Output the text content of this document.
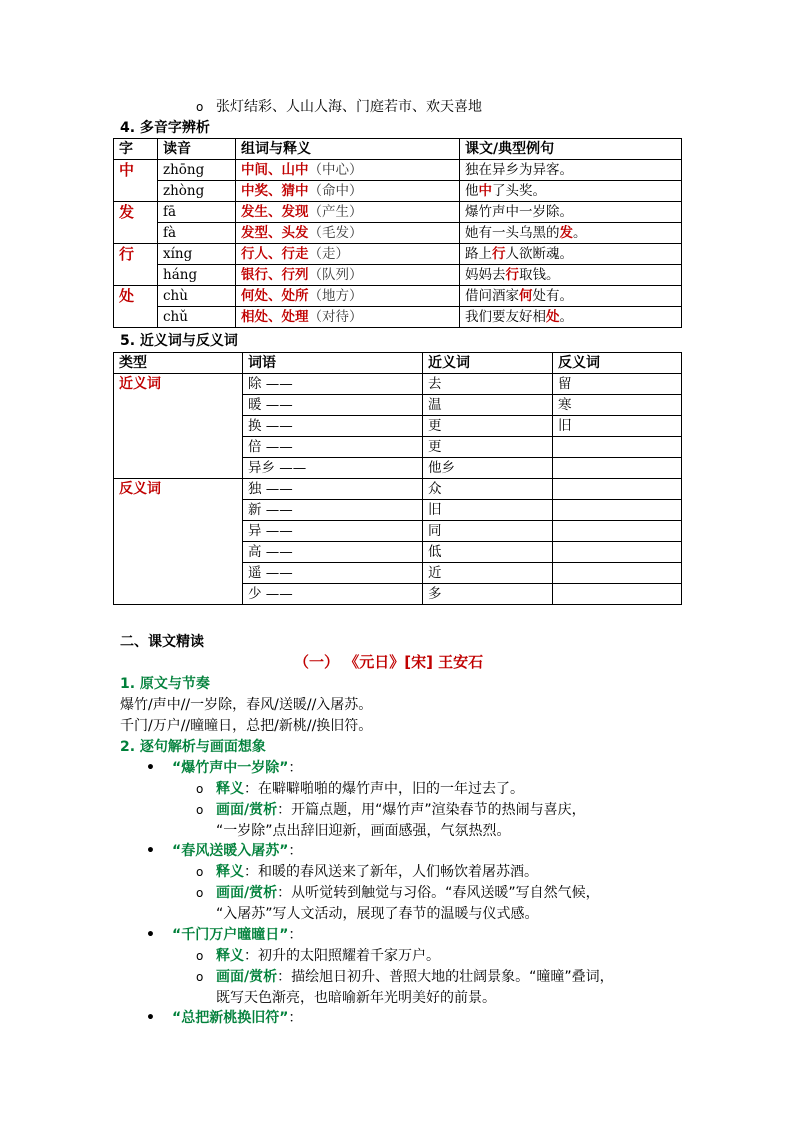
o 张灯结彩、人山人海、门庭若市、欢天喜地
4. 多音字辨析
字	读音	组词与释义	课文/典型例句
中	zhōng	中间、山中（中心）	独在异乡为异客。
	zhòng	中奖、猜中（命中）	他中了头奖。
发	fā	发生、发现（产生）	爆竹声中一岁除。
	fà	发型、头发（毛发）	她有一头乌黑的发。
行	xíng	行人、行走（走）	路上行人欲断魂。
	háng	银行、行列（队列）	妈妈去行取钱。
处	chù	何处、处所（地方）	借问酒家何处有。
	chǔ	相处、处理（对待）	我们要友好相处。
5. 近义词与反义词
类型	词语	近义词	反义词
近义词	除 ——	去	留
	暖 ——	温	寒
	换 ——	更	旧
	倍 ——	更	
	异乡 ——	他乡	
反义词	独 ——	众	
	新 ——	旧	
	异 ——	同	
	高 ——	低	
	遥 ——	近	
	少 ——	多	
二、课文精读
（一） 《元日》[宋] 王安石
1. 原文与节奏
爆竹/声中//一岁除，春风/送暖//入屠苏。
千门/万户//曈曈日，总把/新桃//换旧符。
2. 逐句解析与画面想象
• “爆竹声中一岁除”：
o 释义：在噼噼啪啪的爆竹声中，旧的一年过去了。
o 画面/赏析：开篇点题，用“爆竹声”渲染春节的热闹与喜庆，
“一岁除”点出辞旧迎新，画面感强，气氛热烈。
• “春风送暖入屠苏”：
o 释义：和暖的春风送来了新年，人们畅饮着屠苏酒。
o 画面/赏析：从听觉转到触觉与习俗。“春风送暖”写自然气候，
“入屠苏”写人文活动，展现了春节的温暖与仪式感。
• “千门万户曈曈日”：
o 释义：初升的太阳照耀着千家万户。
o 画面/赏析：描绘旭日初升、普照大地的壮阔景象。“曈曈”叠词，
既写天色渐亮，也暗喻新年光明美好的前景。
• “总把新桃换旧符”：
